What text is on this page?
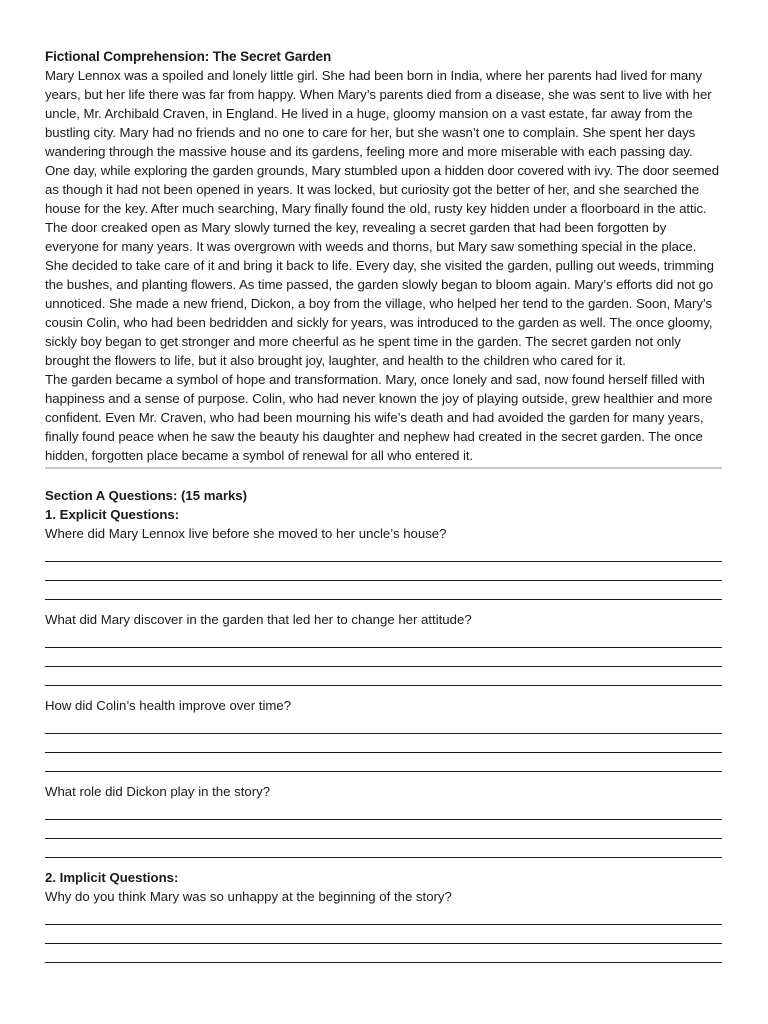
Fictional Comprehension: The Secret Garden

Mary Lennox was a spoiled and lonely little girl. She had been born in India, where her parents had lived for many years, but her life there was far from happy. When Mary’s parents died from a disease, she was sent to live with her uncle, Mr. Archibald Craven, in England. He lived in a huge, gloomy mansion on a vast estate, far away from the bustling city. Mary had no friends and no one to care for her, but she wasn’t one to complain. She spent her days wandering through the massive house and its gardens, feeling more and more miserable with each passing day.

One day, while exploring the garden grounds, Mary stumbled upon a hidden door covered with ivy. The door seemed as though it had not been opened in years. It was locked, but curiosity got the better of her, and she searched the house for the key. After much searching, Mary finally found the old, rusty key hidden under a floorboard in the attic.

The door creaked open as Mary slowly turned the key, revealing a secret garden that had been forgotten by everyone for many years. It was overgrown with weeds and thorns, but Mary saw something special in the place. She decided to take care of it and bring it back to life. Every day, she visited the garden, pulling out weeds, trimming the bushes, and planting flowers. As time passed, the garden slowly began to bloom again. Mary’s efforts did not go unnoticed. She made a new friend, Dickon, a boy from the village, who helped her tend to the garden. Soon, Mary’s cousin Colin, who had been bedridden and sickly for years, was introduced to the garden as well. The once gloomy, sickly boy began to get stronger and more cheerful as he spent time in the garden. The secret garden not only brought the flowers to life, but it also brought joy, laughter, and health to the children who cared for it.

The garden became a symbol of hope and transformation. Mary, once lonely and sad, now found herself filled with happiness and a sense of purpose. Colin, who had never known the joy of playing outside, grew healthier and more confident. Even Mr. Craven, who had been mourning his wife’s death and had avoided the garden for many years, finally found peace when he saw the beauty his daughter and nephew had created in the secret garden. The once hidden, forgotten place became a symbol of renewal for all who entered it.

Section A Questions: (15 marks)
1. Explicit Questions:
Where did Mary Lennox live before she moved to her uncle’s house?
What did Mary discover in the garden that led her to change her attitude?
How did Colin’s health improve over time?
What role did Dickon play in the story?
2. Implicit Questions:
Why do you think Mary was so unhappy at the beginning of the story?
